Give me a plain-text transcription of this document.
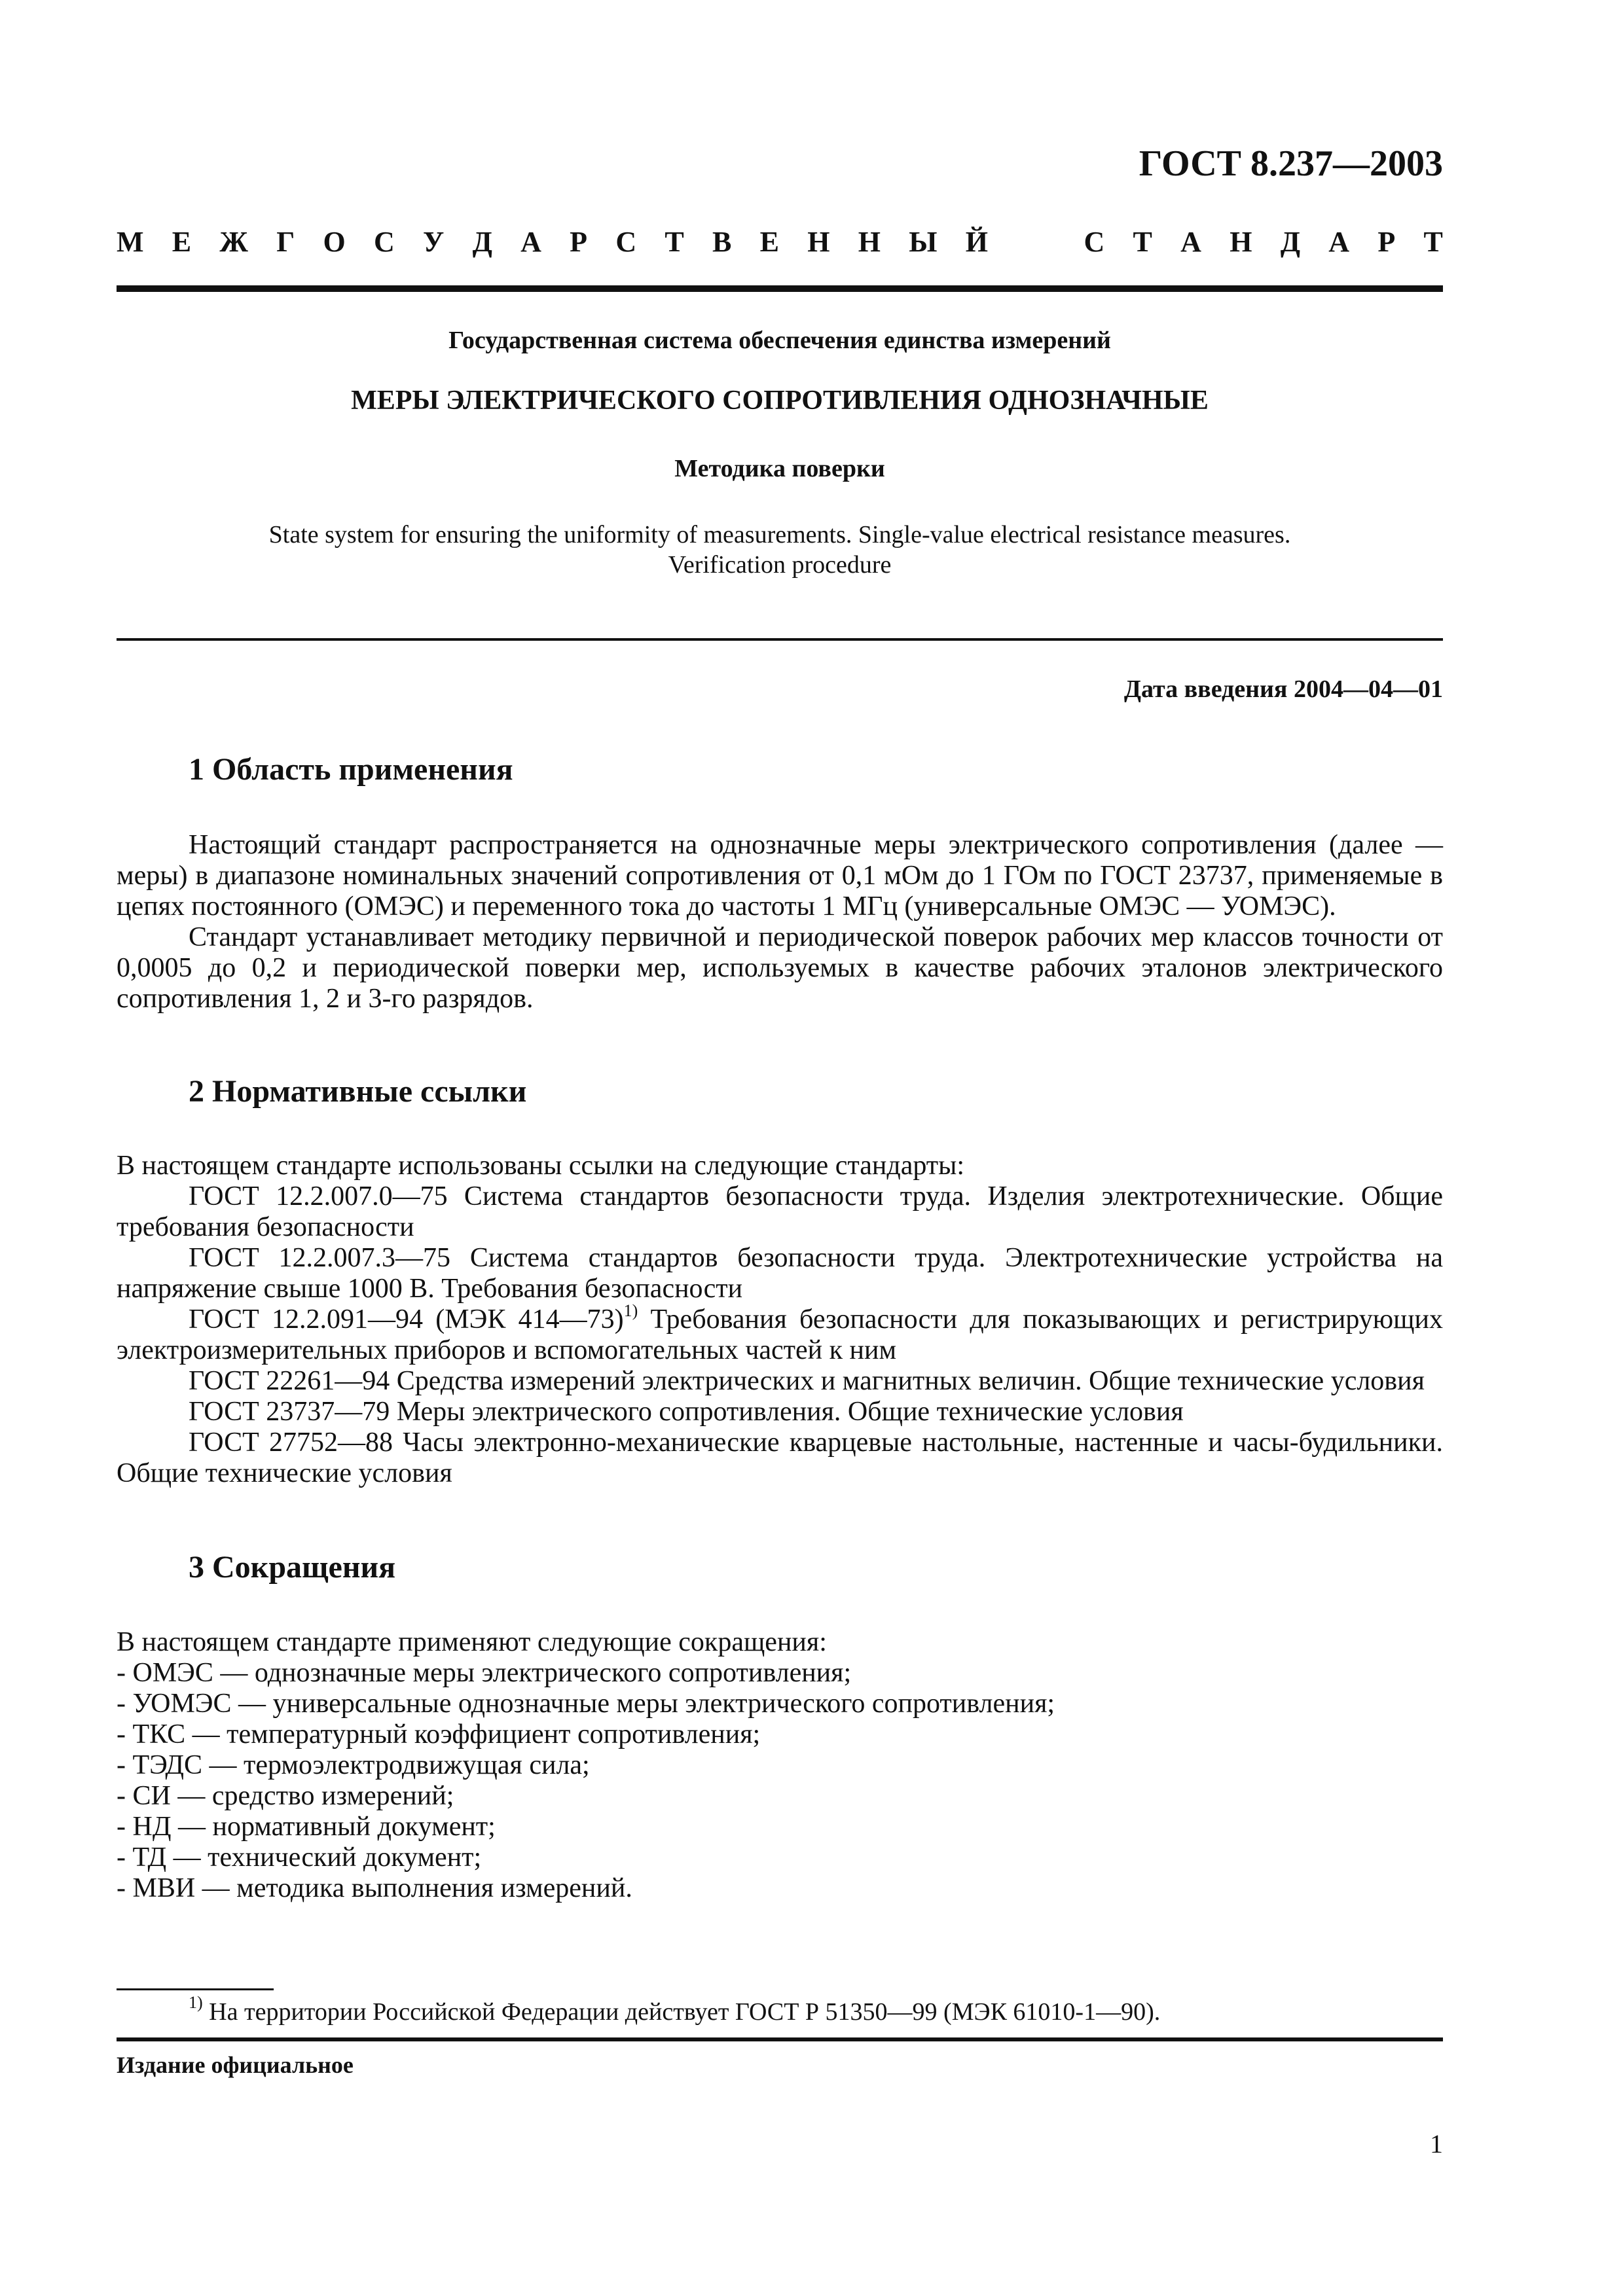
ГОСТ 8.237—2003
М Е Ж Г О С У Д А Р С Т В Е Н Н Ы Й	С Т А Н Д А Р Т
Государственная система обеспечения единства измерений
МЕРЫ ЭЛЕКТРИЧЕСКОГО СОПРОТИВЛЕНИЯ ОДНОЗНАЧНЫЕ
Методика поверки
State system for ensuring the uniformity of measurements. Single-value electrical resistance measures.
Verification procedure
Дата введения 2004—04—01
1 Область применения

Настоящий стандарт распространяется на однозначные меры электрического сопротивления (далее — меры) в диапазоне номинальных значений сопротивления от 0,1 мОм до 1 ГОм по ГОСТ 23737, применяемые в цепях постоянного (ОМЭС) и переменного тока до частоты 1 МГц (универсальные ОМЭС — УОМЭС).

Стандарт устанавливает методику первичной и периодической поверок рабочих мер классов точности от 0,0005 до 0,2 и периодической поверки мер, используемых в качестве рабочих эталонов электрического сопротивления 1, 2 и 3-го разрядов.

2 Нормативные ссылки

В настоящем стандарте использованы ссылки на следующие стандарты:

ГОСТ 12.2.007.0—75 Система стандартов безопасности труда. Изделия электротехнические. Общие требования безопасности

ГОСТ 12.2.007.3—75 Система стандартов безопасности труда. Электротехнические устройства на напряжение свыше 1000 В. Требования безопасности

ГОСТ 12.2.091—94 (МЭК 414—73)$^{1)}$ Требования безопасности для показывающих и регистрирующих электроизмерительных приборов и вспомогательных частей к ним

ГОСТ 22261—94 Средства измерений электрических и магнитных величин. Общие технические условия

ГОСТ 23737—79 Меры электрического сопротивления. Общие технические условия

ГОСТ 27752—88 Часы электронно-механические кварцевые настольные, настенные и часы-будильники. Общие технические условия

3 Сокращения

В настоящем стандарте применяют следующие сокращения:

- ОМЭС — однозначные меры электрического сопротивления;
- УОМЭС — универсальные однозначные меры электрического сопротивления;
- ТКС — температурный коэффициент сопротивления;
- ТЭДС — термоэлектродвижущая сила;
- СИ — средство измерений;
- НД — нормативный документ;
- ТД — технический документ;
- МВИ — методика выполнения измерений.
$^{1)}$ На территории Российской Федерации действует ГОСТ Р 51350—99 (МЭК 61010-1—90).
Издание официальное
1
